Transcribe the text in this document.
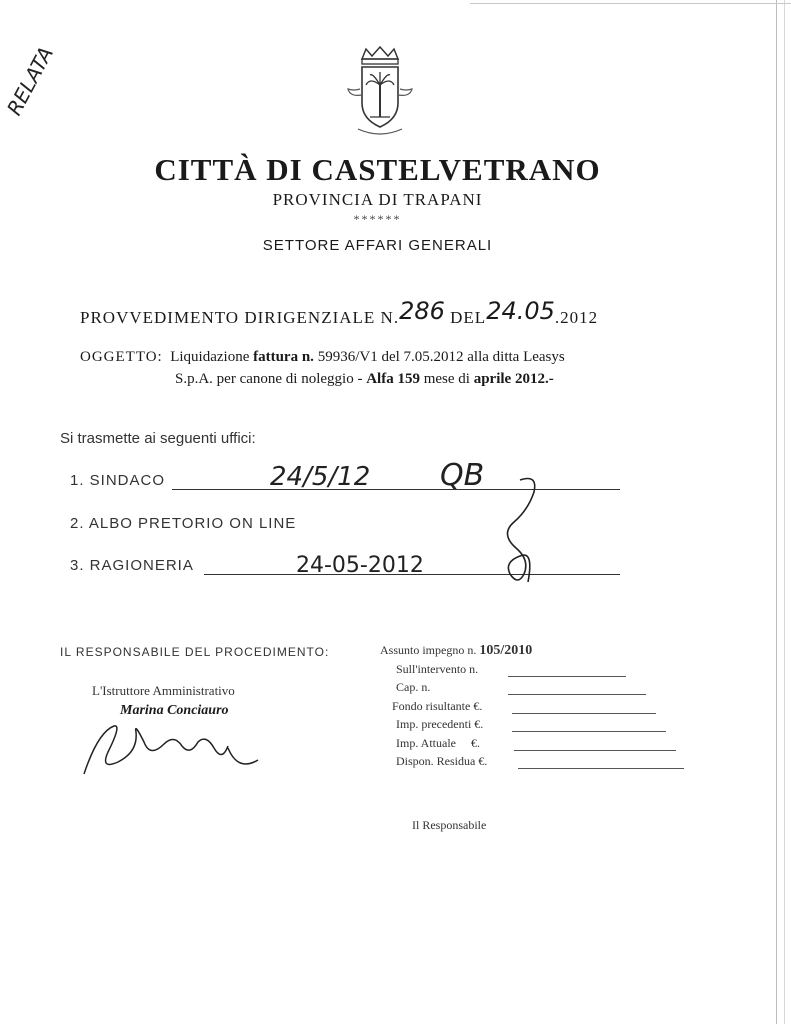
RELATA
CITTÀ DI CASTELVETRANO
PROVINCIA DI TRAPANI
******
SETTORE AFFARI GENERALI
PROVVEDIMENTO DIRIGENZIALE N.286 DEL24.05.2012
OGGETTO: Liquidazione fattura n. 59936/V1 del 7.05.2012 alla ditta Leasys
S.p.A. per canone di noleggio - Alfa 159 mese di aprile 2012.-
Si trasmette ai seguenti uffici:
1. SINDACO	24/5/12 QB
2. ALBO PRETORIO ON LINE
3. RAGIONERIA	24-05-2012
IL RESPONSABILE DEL PROCEDIMENTO:
L'Istruttore Amministrativo
Marina Conciauro
Assunto impegno n. 105/2010
Sull'intervento n.
Cap. n.
Fondo risultante €.
Imp. precedenti €.
Imp. Attuale     €.
Dispon. Residua €.
Il Responsabile
